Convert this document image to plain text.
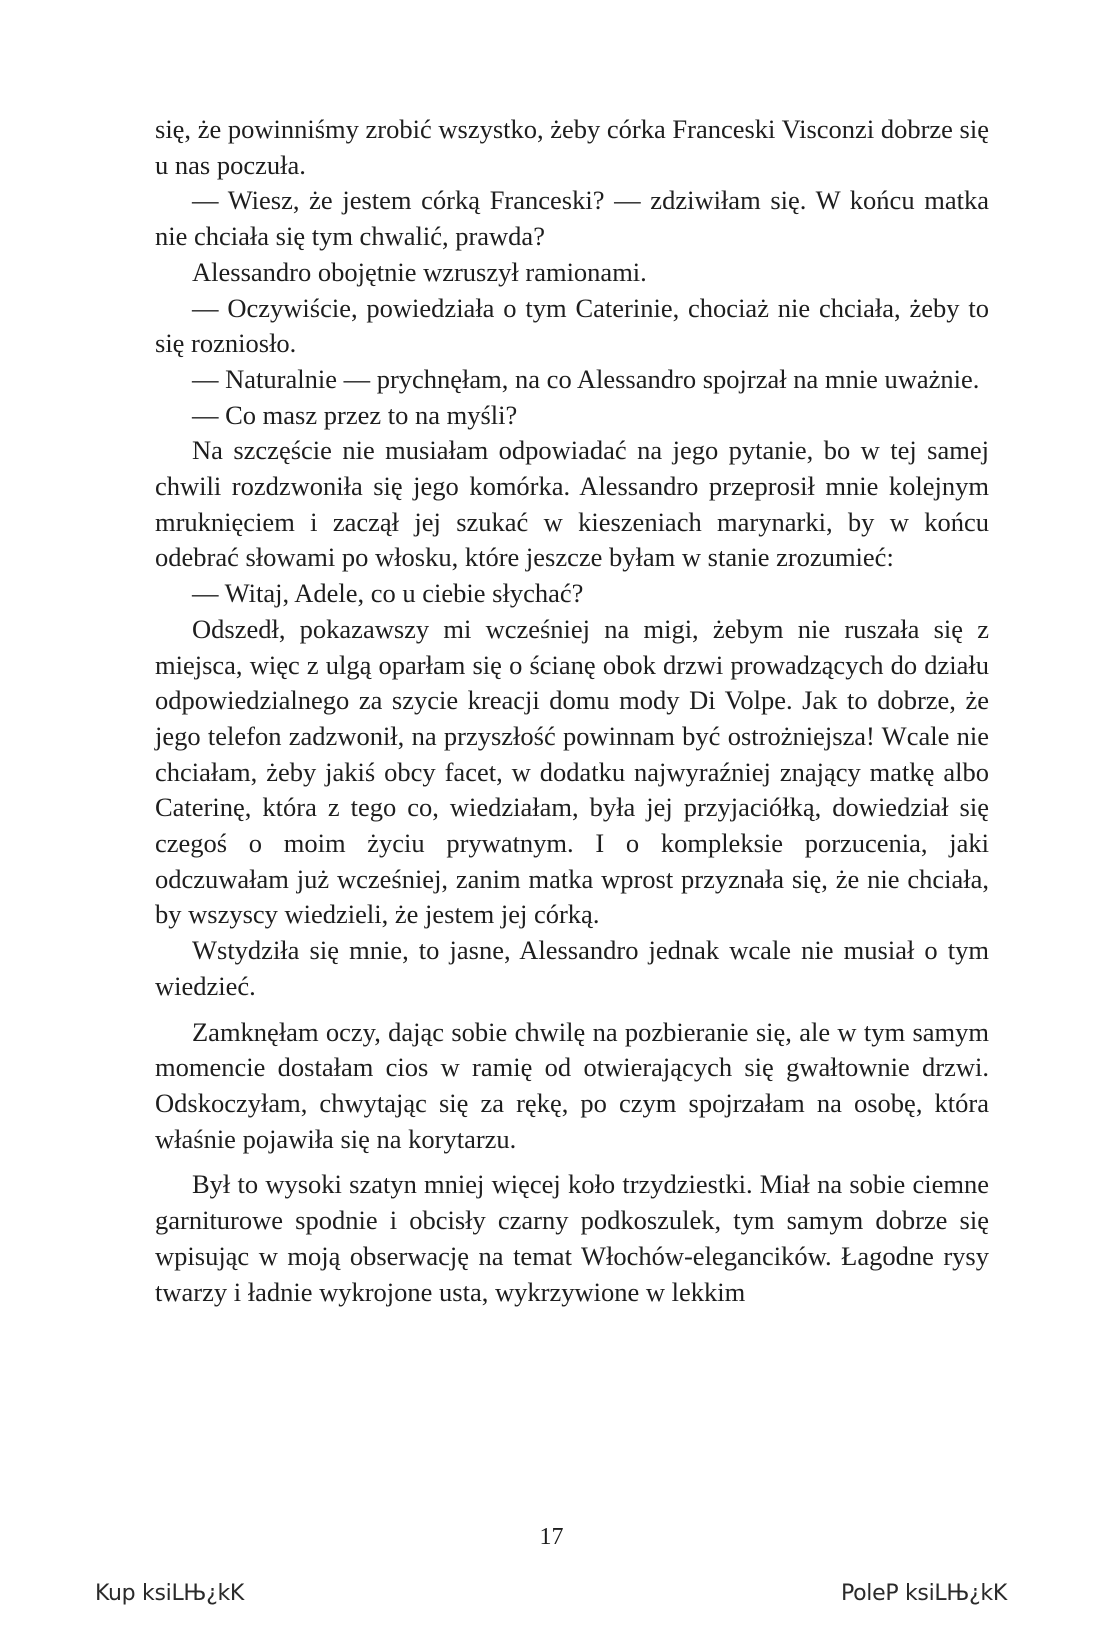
się, że powinniśmy zrobić wszystko, żeby córka Franceski Visconzi dobrze się u nas poczuła.

— Wiesz, że jestem córką Franceski? — zdziwiłam się. W końcu matka nie chciała się tym chwalić, prawda?

Alessandro obojętnie wzruszył ramionami.

— Oczywiście, powiedziała o tym Caterinie, chociaż nie chciała, żeby to się rozniosło.

— Naturalnie — prychnęłam, na co Alessandro spojrzał na mnie uważnie.

— Co masz przez to na myśli?

Na szczęście nie musiałam odpowiadać na jego pytanie, bo w tej samej chwili rozdzwoniła się jego komórka. Alessandro przeprosił mnie kolejnym mruknięciem i zaczął jej szukać w kieszeniach marynarki, by w końcu odebrać słowami po włosku, które jeszcze byłam w stanie zrozumieć:

— Witaj, Adele, co u ciebie słychać?

Odszedł, pokazawszy mi wcześniej na migi, żebym nie ruszała się z miejsca, więc z ulgą oparłam się o ścianę obok drzwi prowadzących do działu odpowiedzialnego za szycie kreacji domu mody Di Volpe. Jak to dobrze, że jego telefon zadzwonił, na przyszłość powinnam być ostrożniejsza! Wcale nie chciałam, żeby jakiś obcy facet, w dodatku najwyraźniej znający matkę albo Caterinę, która z tego co, wiedziałam, była jej przyjaciółką, dowiedział się czegoś o moim życiu prywatnym. I o kompleksie porzucenia, jaki odczuwałam już wcześniej, zanim matka wprost przyznała się, że nie chciała, by wszyscy wiedzieli, że jestem jej córką.

Wstydziła się mnie, to jasne, Alessandro jednak wcale nie musiał o tym wiedzieć.

Zamknęłam oczy, dając sobie chwilę na pozbieranie się, ale w tym samym momencie dostałam cios w ramię od otwierających się gwałtownie drzwi. Odskoczyłam, chwytając się za rękę, po czym spojrzałam na osobę, która właśnie pojawiła się na korytarzu.

Był to wysoki szatyn mniej więcej koło trzydziestki. Miał na sobie ciemne garniturowe spodnie i obcisły czarny podkoszulek, tym samym dobrze się wpisując w moją obserwację na temat Włochów-elegancików. Łagodne rysy twarzy i ładnie wykrojone usta, wykrzywione w lekkim

17
Kup ksiLЊ¿kK	PoleP ksiLЊ¿kK
